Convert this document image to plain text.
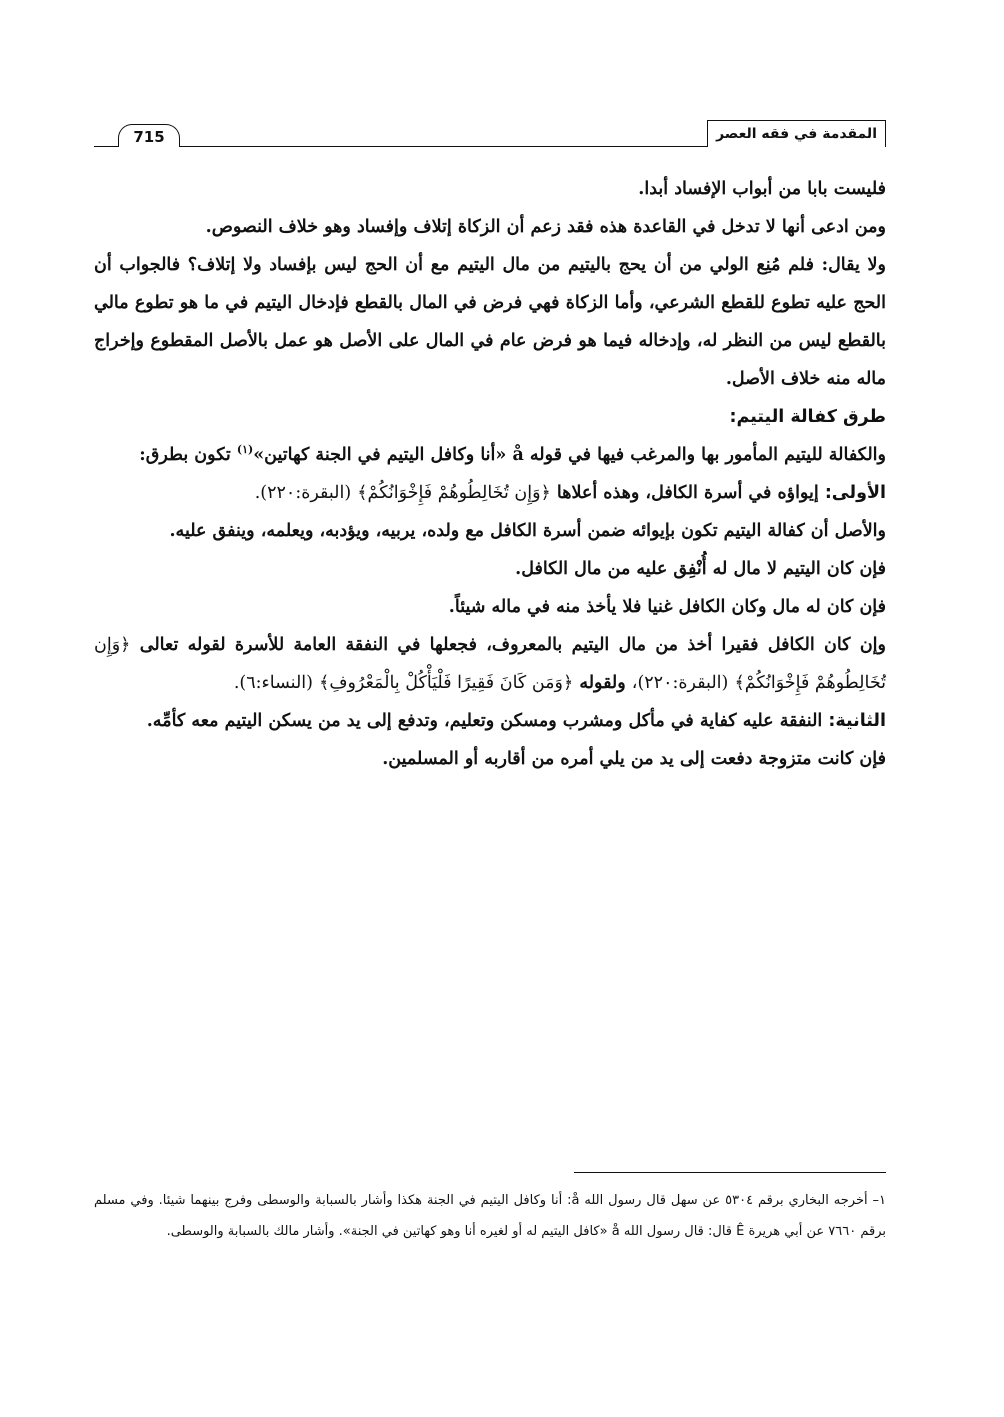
المقدمة في فقه العصر
715

فليست بابا من أبواب الإفساد أبدا.

ومن ادعى أنها لا تدخل في القاعدة هذه فقد زعم أن الزكاة إتلاف وإفساد وهو خلاف النصوص.

ولا يقال: فلم مُنِع الولي من أن يحج باليتيم من مال اليتيم مع أن الحج ليس بإفساد ولا إتلاف؟ فالجواب أن الحج عليه تطوع للقطع الشرعي، وأما الزكاة فهي فرض في المال بالقطع فإدخال اليتيم في ما هو تطوع مالي بالقطع ليس من النظر له، وإدخاله فيما هو فرض عام في المال على الأصل هو عمل بالأصل المقطوع وإخراج ماله منه خلاف الأصل.

طرق كفالة اليتيم:

والكفالة لليتيم المأمور بها والمرغب فيها في قوله å «أنا وكافل اليتيم في الجنة كهاتين»$^{(١)}$ تكون بطرق:

الأولى: إيواؤه في أسرة الكافل، وهذه أعلاها ﴿وَإِن تُخَالِطُوهُمْ فَإِخْوَانُكُمْ﴾ (البقرة:٢٢٠).

والأصل أن كفالة اليتيم تكون بإيوائه ضمن أسرة الكافل مع ولده، يربيه، ويؤدبه، ويعلمه، وينفق عليه.

فإن كان اليتيم لا مال له أُنْفِق عليه من مال الكافل.

فإن كان له مال وكان الكافل غنيا فلا يأخذ منه في ماله شيئاً.

وإن كان الكافل فقيرا أخذ من مال اليتيم بالمعروف، فجعلها في النفقة العامة للأسرة لقوله تعالى ﴿وَإِن تُخَالِطُوهُمْ فَإِخْوَانُكُمْ﴾ (البقرة:٢٢٠)، ولقوله ﴿وَمَن كَانَ فَقِيرًا فَلْيَأْكُلْ بِالْمَعْرُوفِ﴾ (النساء:٦).

الثانية: النفقة عليه كفاية في مأكل ومشرب ومسكن وتعليم، وتدفع إلى يد من يسكن اليتيم معه كأمِّه.

فإن كانت متزوجة دفعت إلى يد من يلي أمره من أقاربه أو المسلمين.

١– أخرجه البخاري برقم ٥٣٠٤ عن سهل قال رسول الله å: أنا وكافل اليتيم في الجنة هكذا وأشار بالسبابة والوسطى وفرج بينهما شيئا. وفي مسلم برقم ٧٦٦٠ عن أبي هريرة Ê قال: قال رسول الله å «كافل اليتيم له أو لغيره أنا وهو كهاتين في الجنة». وأشار مالك بالسبابة والوسطى.
